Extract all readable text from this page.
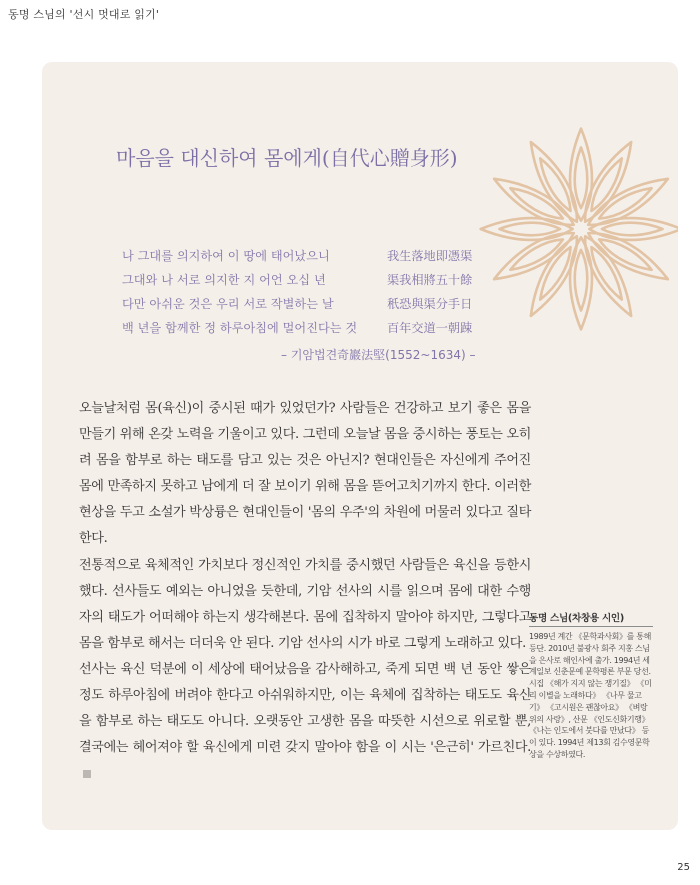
동명 스님의 '선시 멋대로 읽기'
마음을 대신하여 몸에게(自代心贈身形)
나 그대를 의지하여 이 땅에 태어났으니	我生落地即憑渠
그대와 나 서로 의지한 지 어언 오십 년	渠我相將五十餘
다만 아쉬운 것은 우리 서로 작별하는 날	秖恐與渠分手日
백 년을 함께한 정 하루아침에 멀어진다는 것	百年交道一朝踈
– 기암법견奇巖法堅(1552~1634) –

오늘날처럼 몸(육신)이 중시된 때가 있었던가? 사람들은 건강하고 보기 좋은 몸을 만들기 위해 온갖 노력을 기울이고 있다. 그런데 오늘날 몸을 중시하는 풍토는 오히려 몸을 함부로 하는 태도를 담고 있는 것은 아닌지? 현대인들은 자신에게 주어진 몸에 만족하지 못하고 남에게 더 잘 보이기 위해 몸을 뜯어고치기까지 한다. 이러한 현상을 두고 소설가 박상륭은 현대인들이 '몸의 우주'의 차원에 머물러 있다고 질타한다.

전통적으로 육체적인 가치보다 정신적인 가치를 중시했던 사람들은 육신을 등한시했다. 선사들도 예외는 아니었을 듯한데, 기암 선사의 시를 읽으며 몸에 대한 수행자의 태도가 어떠해야 하는지 생각해본다. 몸에 집착하지 말아야 하지만, 그렇다고 몸을 함부로 해서는 더더욱 안 된다. 기암 선사의 시가 바로 그렇게 노래하고 있다.

선사는 육신 덕분에 이 세상에 태어났음을 감사해하고, 죽게 되면 백 년 동안 쌓은 정도 하루아침에 버려야 한다고 아쉬워하지만, 이는 육체에 집착하는 태도도 육신을 함부로 하는 태도도 아니다. 오랫동안 고생한 몸을 따뜻한 시선으로 위로할 뿐, 결국에는 헤어져야 할 육신에게 미련 갖지 말아야 함을 이 시는 '은근히' 가르친다.

동명 스님(차창용 시인)
1989년 계간 《문학과사회》를 통해 등단. 2010년 불광사 회주 지홍 스님을 은사로 해인사에 출가. 1994년 세계일보 신춘문예 문학평론 부문 당선. 시집 《해가 지지 않는 쟁기질》 《미리 이별을 노래하다》 《나무 물고기》 《고시원은 괜찮아요》 《벼랑 위의 사랑》, 산문 《인도신화기행》 《나는 인도에서 붓다를 만났다》 등이 있다. 1994년 제13회 김수영문학상을 수상하였다.
25
